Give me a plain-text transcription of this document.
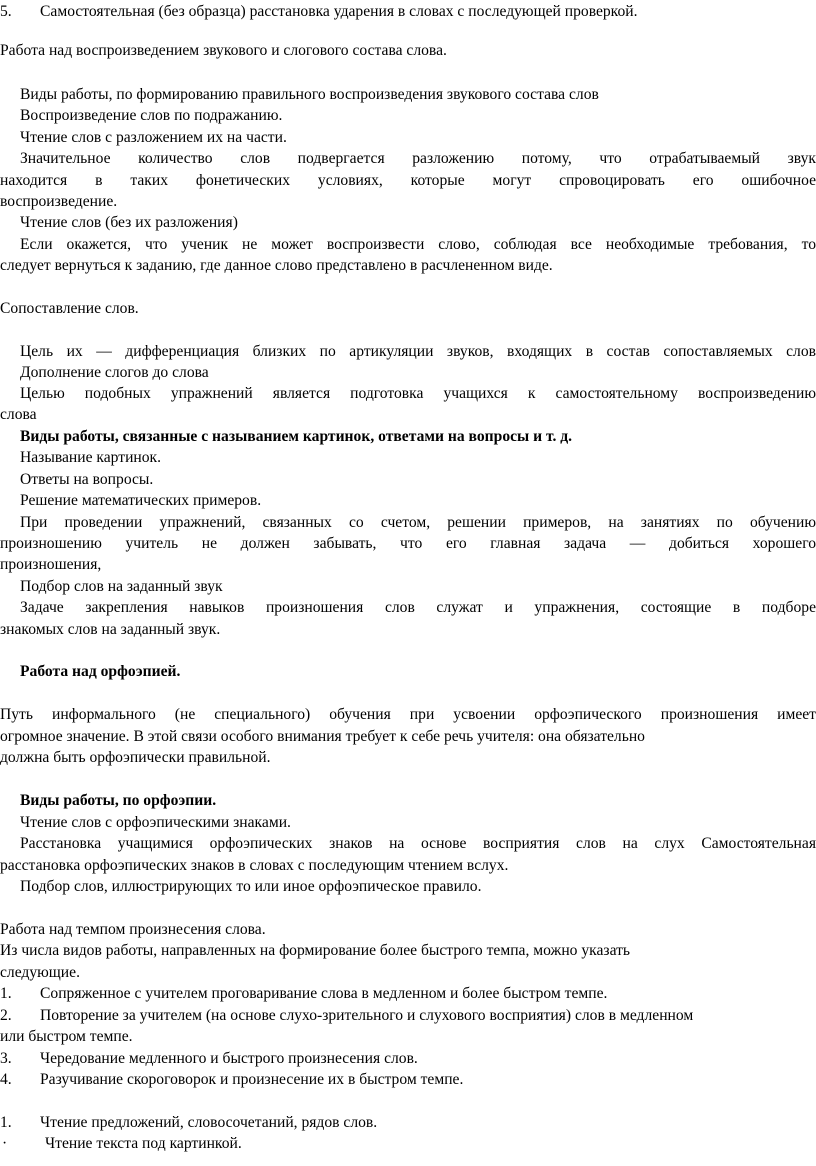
5. Самостоятельная (без образца) расстановка ударения в словах с последующей проверкой.
Работа над воспроизведением звукового и слогового состава слова.
Виды работы, по формированию правильного воспроизведения звукового состава слов
Воспроизведение слов по подражанию.
Чтение слов с разложением их на части.
Значительное количество слов подвергается разложению потому, что отрабатываемый звук
находится в таких фонетических условиях, которые могут спровоцировать его ошибочное
воспроизведение.
Чтение слов (без их разложения)
Если окажется, что ученик не может воспроизвести слово, соблюдая все необходимые требования, то
следует вернуться к заданию, где данное слово представлено в расчлененном виде.
Сопоставление слов.
Цель их — дифференциация близких по артикуляции звуков, входящих в состав сопоставляемых слов
Дополнение слогов до слова
Целью подобных упражнений является подготовка учащихся к самостоятельному воспроизведению
слова
Виды работы, связанные с называнием картинок, ответами на вопросы и т. д.
Называние картинок.
Ответы на вопросы.
Решение математических примеров.
При проведении упражнений, связанных со счетом, решении примеров, на занятиях по обучению
произношению учитель не должен забывать, что его главная задача — добиться хорошего
произношения,
Подбор слов на заданный звук
Задаче закрепления навыков произношения слов служат и упражнения, состоящие в подборе
знакомых слов на заданный звук.
Работа над орфоэпией.
Путь информального (не специального) обучения при усвоении орфоэпического произношения имеет
огромное значение. В этой связи особого внимания требует к себе речь учителя: она обязательно
должна быть орфоэпически правильной.
Виды работы, по орфоэпии.
Чтение слов с орфоэпическими знаками.
Расстановка учащимися орфоэпических знаков на основе восприятия слов на слух Самостоятельная
расстановка орфоэпических знаков в словах с последующим чтением вслух.
Подбор слов, иллюстрирующих то или иное орфоэпическое правило.
Работа над темпом произнесения слова.
Из числа видов работы, направленных на формирование более быстрого темпа, можно указать
следующие.
1. Сопряженное с учителем проговаривание слова в медленном и более быстром темпе.
2. Повторение за учителем (на основе слухо-зрительного и слухового восприятия) слов в медленном
или быстром темпе.
3. Чередование медленного и быстрого произнесения слов.
4. Разучивание скороговорок и произнесение их в быстром темпе.
1. Чтение предложений, словосочетаний, рядов слов.
· Чтение текста под картинкой.
